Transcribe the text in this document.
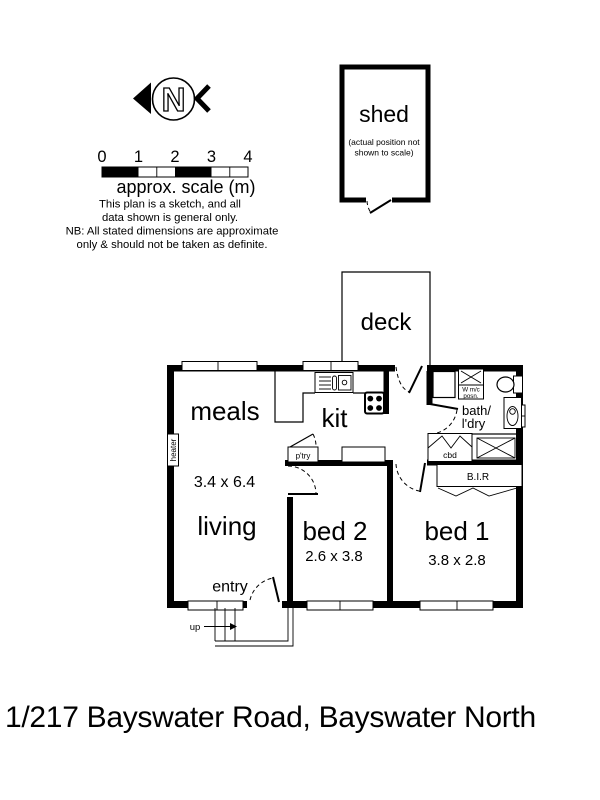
N
0 1 2 3 4
approx. scale (m)
This plan is a sketch, and all
data shown is general only.
NB: All stated dimensions are approximate
only & should not be taken as definite.
shed
(actual position not
shown to scale)
deck
p'try
W m/c
posn.
cbd
B.I.R
heater
up
meals kit
3.4 x 6.4
living
entry
bed 2
2.6 x 3.8
bed 1
3.8 x 2.8
bath/
l'dry
1/217 Bayswater Road, Bayswater North
